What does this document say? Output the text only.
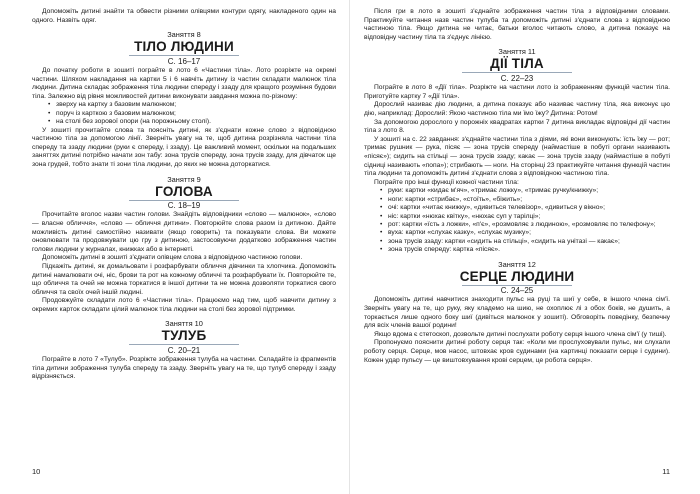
Допоможіть дитині знайти та обвести різними олівцями контури одягу, накладеного один на одного. Назвіть одяг.

Заняття 8
ТІЛО ЛЮДИНИ
С. 16–17

До початку роботи в зошиті пограйте в лото 6 «Частини тіла». Лото розріжте на окремі частини. Шляхом накладання на картки 5 і 6 навчіть дитину із частин складати малюнок тіла людини. Дитина складає зображення тіла людини спереду і ззаду для кращого розуміння будови тіла. Залежно від рівня можливостей дитини виконувати завдання можна по-різному:

• зверху на картку з базовим малюнком;
• поруч із карткою з базовим малюнком;
• на столі без зорової опори (на порожньому столі).

У зошиті прочитайте слова та поясніть дитині, як з'єднати кожне слово з відповідною частиною тіла за допомогою лінії. Зверніть увагу на те, щоб дитина розрізняла частини тіла спереду та ззаду людини (руки є спереду, і ззаду). Це важливий момент, оскільки на подальших заняттях дитині потрібно начати зон табу: зона трусів спереду, зона трусів ззаду, для дівчаток ще зона грудей, тобто знати ті зони тіла людини, до яких не можна доторкатися.

Заняття 9
ГОЛОВА
С. 18–19

Прочитайте вголос назви частин голови. Знайдіть відповідники «слово — малюнок», «слово — власне обличчя», «слово — обличчя дитини». Повторюйте слова разом із дитиною. Дайте можливість дитині самостійно називати (якщо говорить) та показувати слова. Ви можете оновлювати та продовжувати цю гру з дитиною, застосовуючи додатково зображення частин голови людини у журналах, книжках або в інтернеті.

Допоможіть дитині в зошиті з'єднати олівцем слова з відповідною частиною голови.

Підкажіть дитині, як домальовати і розфарбувати обличчя дівчинки та хлопчика. Допоможіть дитині намалювати очі, ніс, брови та рот на кожному обличчі та розфарбувати їх. Повторюйте те, що обличчя та очей не можна торкатися в іншої дитини та не можна дозволяти торкатися свого обличчя та своїх очей іншій людині.

Продовжуйте складати лото 6 «Частини тіла». Працюємо над тим, щоб навчити дитину з окремих карток складати цілий малюнок тіла людини на столі без зорової підтримки.

Заняття 10
ТУЛУБ
С. 20–21

Пограйте в лото 7 «Тулуб». Розріжте зображення тулуба на частини. Складайте із фрагментів тіла дитини зображення тулуба спереду та ззаду. Зверніть увагу на те, що тулуб спереду і ззаду відрізняється.

10

Після гри в лото в зошиті з'єднайте зображення частин тіла з відповідними словами. Практикуйте читання назв частин тулуба та допоможіть дитині з'єднати слова з відповідною частиною тіла. Якщо дитина не читає, батьки вголос читають слово, а дитина показує на відповідну частину тіла та з'єднує лінією.

Заняття 11
ДІЇ ТІЛА
С. 22–23

Пограйте в лото 8 «Дії тіла». Розріжте на частини лото із зображенням функцій частин тіла. Приготуйте картку 7 «Дії тіла».

Дорослий називає дію людини, а дитина показує або називає частину тіла, яка виконує цю дію, наприклад: Дорослий: Якою частиною тіла ми їмо їжу? Дитина: Ротом!

За допомогою дорослого у порожніх квадратах картки 7 дитина викладає відповідні дії частин тіла з лото 8.

У зошиті на с. 22 завдання: з'єднайте частини тіла з діями, які вони виконують: їсть їжу — рот; тримає рушник — рука, пісяє — зона трусів спереду (наймастіше в побуті органи називають «пісяє»); сидить на стільці — зона трусів ззаду; какає — зона трусів ззаду (наймастіше в побуті сідниці називають «попа»); стрибають — ноги. На сторінці 23 практикуйте читання функцій частин тіла людини та допоможіть дитині з'єднати слова з відповідною частиною тіла.

Пограйте про інші функції кожної частини тіла:

• руки: картки «кидає м'яч», «тримає ложку», «тримає ручку/книжку»;
• ноги: картки «стрибає», «стоїть», «біжить»;
• очі: картки «читає книжку», «дивиться телевізор», «дивиться у вікно»;
• ніс: картки «нюхає квітку», «нюхає суп у тарілці»;
• рот: картки «їсть з ложки», «п'є», «розмовляє з людиною», «розмовляє по телефону»;
• вуха: картки «слухає казку», «слухає музику»;
• зона трусів ззаду: картки «сидить на стільці», «сидить на унітазі — какає»;
• зона трусів спереду: картка «пісяє».
Заняття 12
СЕРЦЕ ЛЮДИНИ
С. 24–25

Допоможіть дитині навчитися знаходити пульс на руці та шиї у себе, в іншого члена сім'ї. Зверніть увагу на те, що руку, яку кладемо на шию, не охоплює лі з обох боків, не душить, а торкається лише одного боку шиї (дивіться малюнок у зошиті). Обговоріть поведінку, безпечну для всіх членів вашої родини!

Якщо вдома є стетоскоп, дозвольте дитині послухати роботу серця іншого члена сім'ї (у тиші).

Пропонуємо пояснити дитині роботу серця так: «Коли ми прослуховували пульс, ми слухали роботу серця. Серце, мов насос, штовхає кров судинами (на картинці показати серце і судини). Кожен удар пульсу — це виштовхування крові серцем, це робота серця».

11
